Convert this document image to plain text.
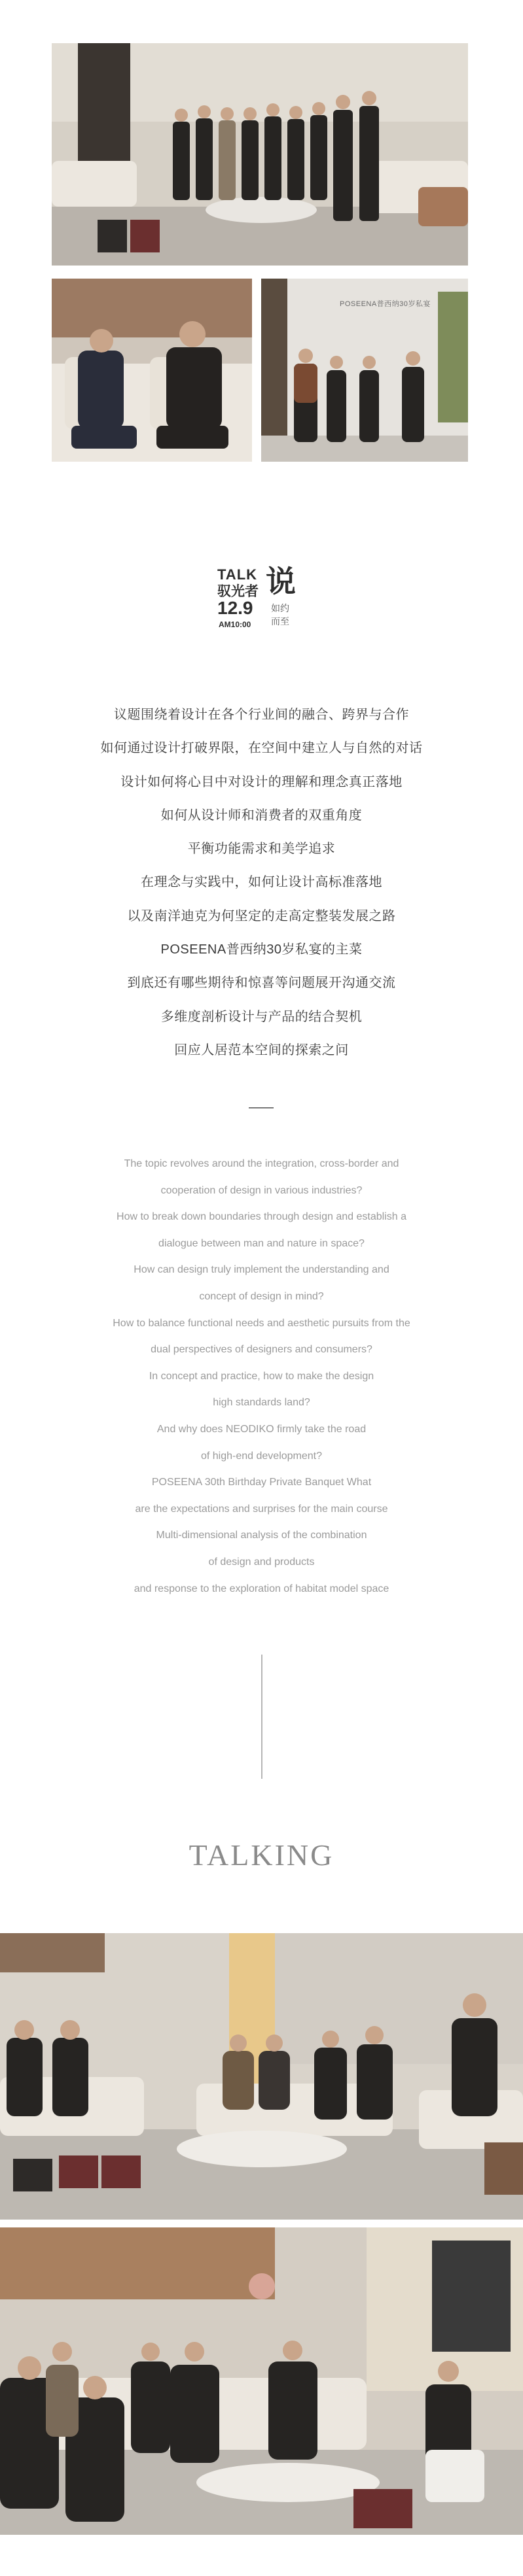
POSEENA普西纳30岁私宴
TALK
驭光者
12.9
AM10:00
说
如约而至

议题围绕着设计在各个行业间的融合、跨界与合作

如何通过设计打破界限，在空间中建立人与自然的对话

设计如何将心目中对设计的理解和理念真正落地

如何从设计师和消费者的双重角度

平衡功能需求和美学追求

在理念与实践中，如何让设计高标准落地

以及南洋迪克为何坚定的走高定整装发展之路

POSEENA普西纳30岁私宴的主菜

到底还有哪些期待和惊喜等问题展开沟通交流

多维度剖析设计与产品的结合契机

回应人居范本空间的探索之问

The topic revolves around the integration, cross-border and

cooperation of design in various industries?

How to break down boundaries through design and establish a

dialogue between man and nature in space?

How can design truly implement the understanding and

concept of design in mind?

How to balance functional needs and aesthetic pursuits from the

dual perspectives of designers and consumers?

In concept and practice, how to make the design

high standards land?

And why does NEODIKO firmly take the road

of high-end development?

POSEENA 30th Birthday Private Banquet What

are the expectations and surprises for the main course

Multi-dimensional analysis of the combination

of design and products

and response to the exploration of habitat model space

TALKING
